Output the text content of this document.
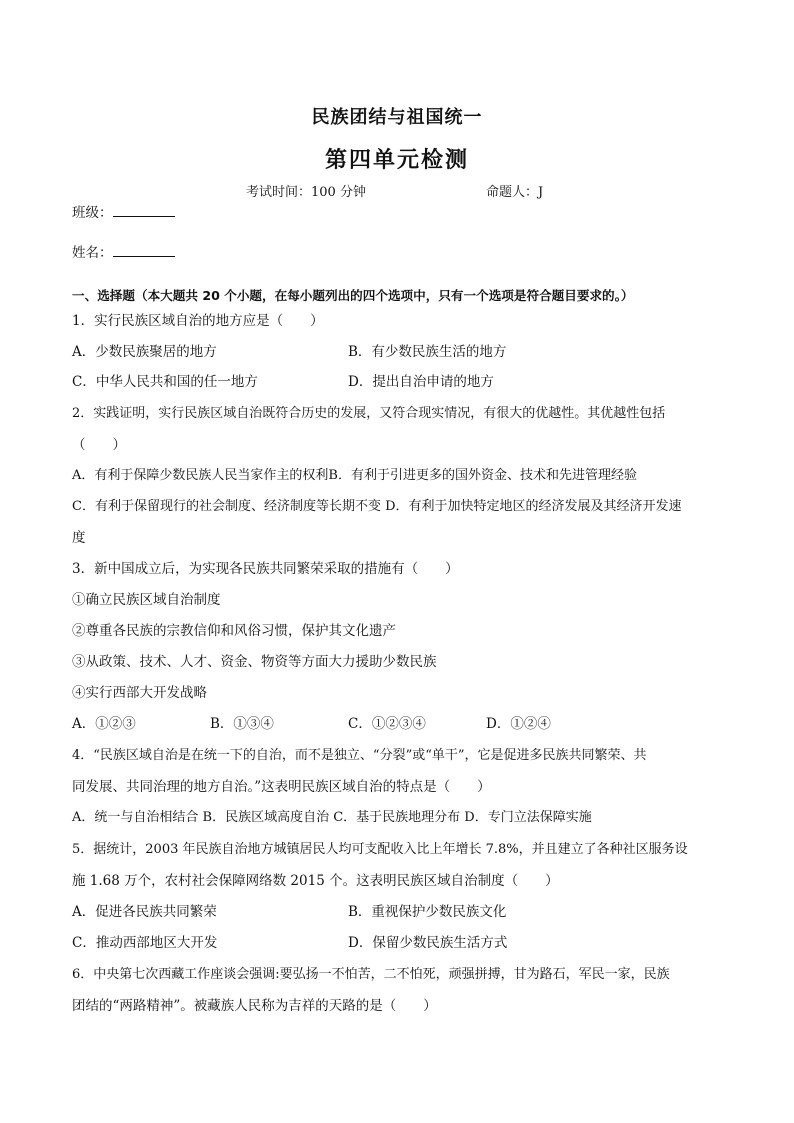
民族团结与祖国统一
第四单元检测
考试时间：100 分钟	命题人：J
班级：
姓名：
一、选择题（本大题共 20 个小题，在每小题列出的四个选项中，只有一个选项是符合题目要求的。）
1．实行民族区域自治的地方应是（　　）
A．少数民族聚居的地方	B．有少数民族生活的地方
C．中华人民共和国的任一地方	D．提出自治申请的地方
2．实践证明，实行民族区域自治既符合历史的发展，又符合现实情况，有很大的优越性。其优越性包括
（　　）
A．有利于保障少数民族人民当家作主的权利B．有利于引进更多的国外资金、技术和先进管理经验
C．有利于保留现行的社会制度、经济制度等长期不变 D．有利于加快特定地区的经济发展及其经济开发速
度
3．新中国成立后，为实现各民族共同繁荣采取的措施有（　　）
①确立民族区域自治制度
②尊重各民族的宗教信仰和风俗习惯，保护其文化遗产
③从政策、技术、人才、资金、物资等方面大力援助少数民族
④实行西部大开发战略
A．①②③	B．①③④	C．①②③④	D．①②④
4．“民族区域自治是在统一下的自治，而不是独立、“分裂”或“单干”，它是促进多民族共同繁荣、共
同发展、共同治理的地方自治。”这表明民族区域自治的特点是（　　）
A．统一与自治相结合 B．民族区域高度自治 C．基于民族地理分布 D．专门立法保障实施
5．据统计，2003 年民族自治地方城镇居民人均可支配收入比上年增长 7.8%，并且建立了各种社区服务设
施 1.68 万个，农村社会保障网络数 2015 个。这表明民族区域自治制度（　　）
A．促进各民族共同繁荣	B．重视保护少数民族文化
C．推动西部地区大开发	D．保留少数民族生活方式
6．中央第七次西藏工作座谈会强调:要弘扬一不怕苦，二不怕死，顽强拼搏，甘为路石，军民一家，民族
团结的“两路精神”。被藏族人民称为吉祥的天路的是（　　）
